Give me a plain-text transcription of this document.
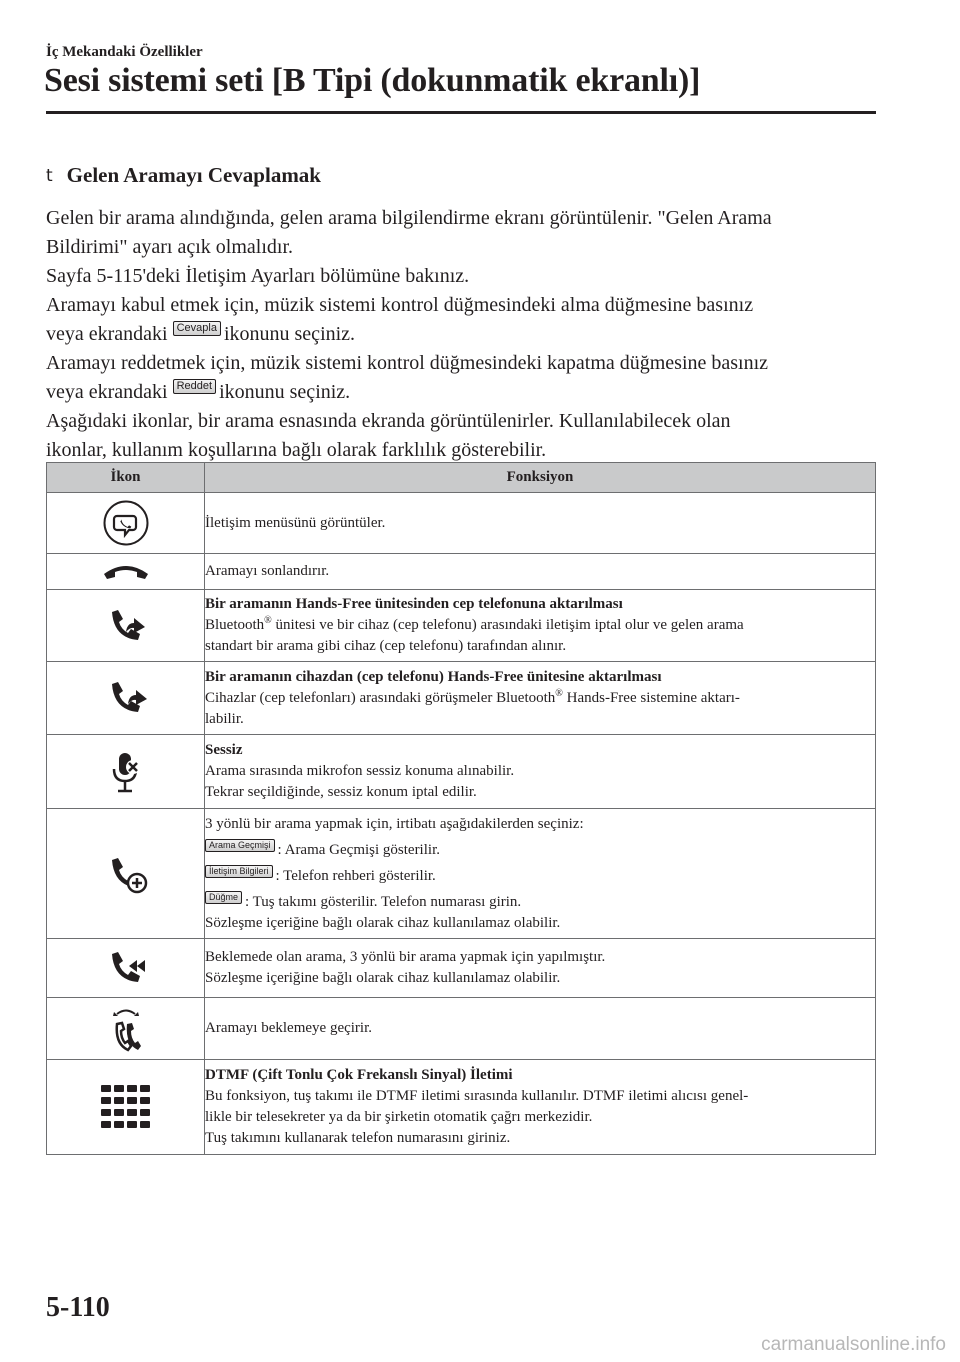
İç Mekandaki Özellikler
Sesi sistemi seti [B Tipi (dokunmatik ekranlı)]
t Gelen Aramayı Cevaplamak

Gelen bir arama alındığında, gelen arama bilgilendirme ekranı görüntülenir. "Gelen Arama

Bildirimi" ayarı açık olmalıdır.

Sayfa 5-115'deki İletişim Ayarları bölümüne bakınız.

Aramayı kabul etmek için, müzik sistemi kontrol düğmesindeki alma düğmesine basınız

veya ekrandaki Cevapla ikonunu seçiniz.

Aramayı reddetmek için, müzik sistemi kontrol düğmesindeki kapatma düğmesine basınız

veya ekrandaki Reddet ikonunu seçiniz.

Aşağıdaki ikonlar, bir arama esnasında ekranda görüntülenirler. Kullanılabilecek olan

ikonlar, kullanım koşullarına bağlı olarak farklılık gösterebilir.

İkon	Fonksiyon

İletişim menüsünü görüntüler.

Aramayı sonlandırır.

Bir aramanın Hands-Free ünitesinden cep telefonuna aktarılması
Bluetooth® ünitesi ve bir cihaz (cep telefonu) arasındaki iletişim iptal olur ve gelen arama
standart bir arama gibi cihaz (cep telefonu) tarafından alınır.

Bir aramanın cihazdan (cep telefonu) Hands-Free ünitesine aktarılması
Cihazlar (cep telefonları) arasındaki görüşmeler Bluetooth® Hands-Free sistemine aktarı-
labilir.

Sessiz
Arama sırasında mikrofon sessiz konuma alınabilir.
Tekrar seçildiğinde, sessiz konum iptal edilir.

3 yönlü bir arama yapmak için, irtibatı aşağıdakilerden seçiniz:
Arama Geçmişi : Arama Geçmişi gösterilir.
İletişim Bilgileri : Telefon rehberi gösterilir.
Düğme : Tuş takımı gösterilir. Telefon numarası girin.
Sözleşme içeriğine bağlı olarak cihaz kullanılamaz olabilir.

Beklemede olan arama, 3 yönlü bir arama yapmak için yapılmıştır.
Sözleşme içeriğine bağlı olarak cihaz kullanılamaz olabilir.

Aramayı beklemeye geçirir.

DTMF (Çift Tonlu Çok Frekanslı Sinyal) İletimi
Bu fonksiyon, tuş takımı ile DTMF iletimi sırasında kullanılır. DTMF iletimi alıcısı genel-
likle bir telesekreter ya da bir şirketin otomatik çağrı merkezidir.
Tuş takımını kullanarak telefon numarasını giriniz.
5-110
carmanualsonline.info
